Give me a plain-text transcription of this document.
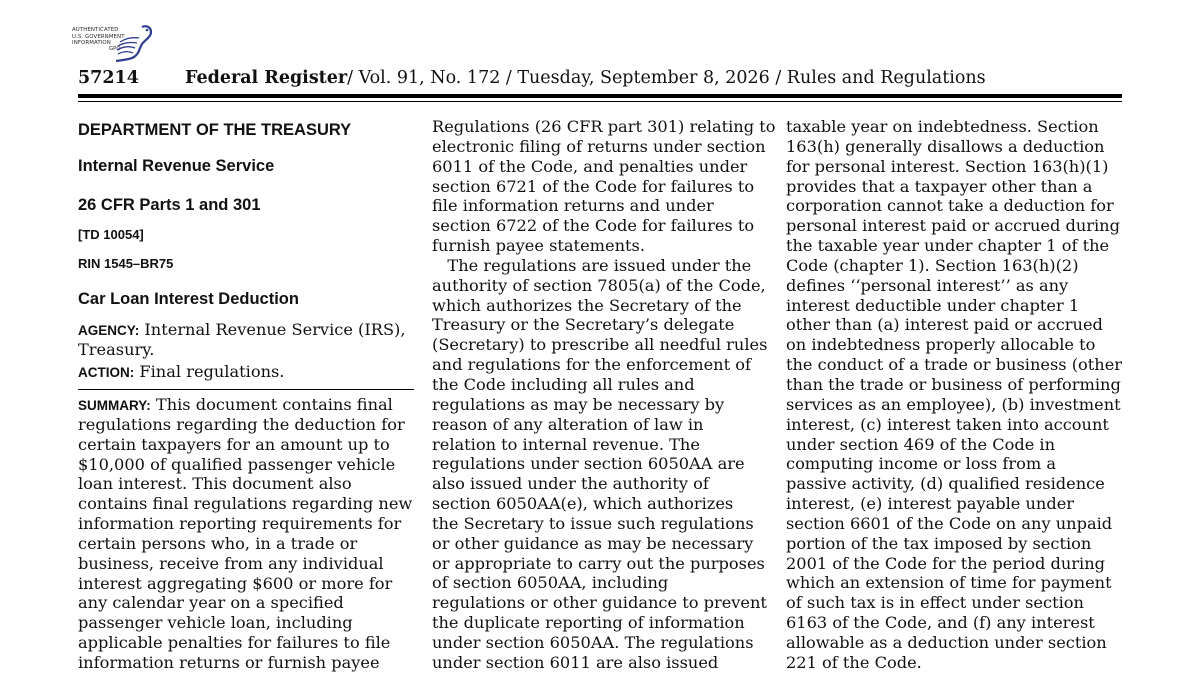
AUTHENTICATED
U.S. GOVERNMENT
INFORMATION
GPO
57214	Federal Register/ Vol. 91, No. 172 / Tuesday, September 8, 2026 / Rules and Regulations
DEPARTMENT OF THE TREASURY
Internal Revenue Service
26 CFR Parts 1 and 301
[TD 10054]
RIN 1545–BR75
Car Loan Interest Deduction
AGENCY: Internal Revenue Service (IRS),
Treasury.
ACTION: Final regulations.
SUMMARY: This document contains final
regulations regarding the deduction for
certain taxpayers for an amount up to
$10,000 of qualified passenger vehicle
loan interest. This document also
contains final regulations regarding new
information reporting requirements for
certain persons who, in a trade or
business, receive from any individual
interest aggregating $600 or more for
any calendar year on a specified
passenger vehicle loan, including
applicable penalties for failures to file
information returns or furnish payee
Regulations (26 CFR part 301) relating to
electronic filing of returns under section
6011 of the Code, and penalties under
section 6721 of the Code for failures to
file information returns and under
section 6722 of the Code for failures to
furnish payee statements.
The regulations are issued under the
authority of section 7805(a) of the Code,
which authorizes the Secretary of the
Treasury or the Secretary’s delegate
(Secretary) to prescribe all needful rules
and regulations for the enforcement of
the Code including all rules and
regulations as may be necessary by
reason of any alteration of law in
relation to internal revenue. The
regulations under section 6050AA are
also issued under the authority of
section 6050AA(e), which authorizes
the Secretary to issue such regulations
or other guidance as may be necessary
or appropriate to carry out the purposes
of section 6050AA, including
regulations or other guidance to prevent
the duplicate reporting of information
under section 6050AA. The regulations
under section 6011 are also issued
taxable year on indebtedness. Section
163(h) generally disallows a deduction
for personal interest. Section 163(h)(1)
provides that a taxpayer other than a
corporation cannot take a deduction for
personal interest paid or accrued during
the taxable year under chapter 1 of the
Code (chapter 1). Section 163(h)(2)
defines ‘‘personal interest’’ as any
interest deductible under chapter 1
other than (a) interest paid or accrued
on indebtedness properly allocable to
the conduct of a trade or business (other
than the trade or business of performing
services as an employee), (b) investment
interest, (c) interest taken into account
under section 469 of the Code in
computing income or loss from a
passive activity, (d) qualified residence
interest, (e) interest payable under
section 6601 of the Code on any unpaid
portion of the tax imposed by section
2001 of the Code for the period during
which an extension of time for payment
of such tax is in effect under section
6163 of the Code, and (f) any interest
allowable as a deduction under section
221 of the Code.
